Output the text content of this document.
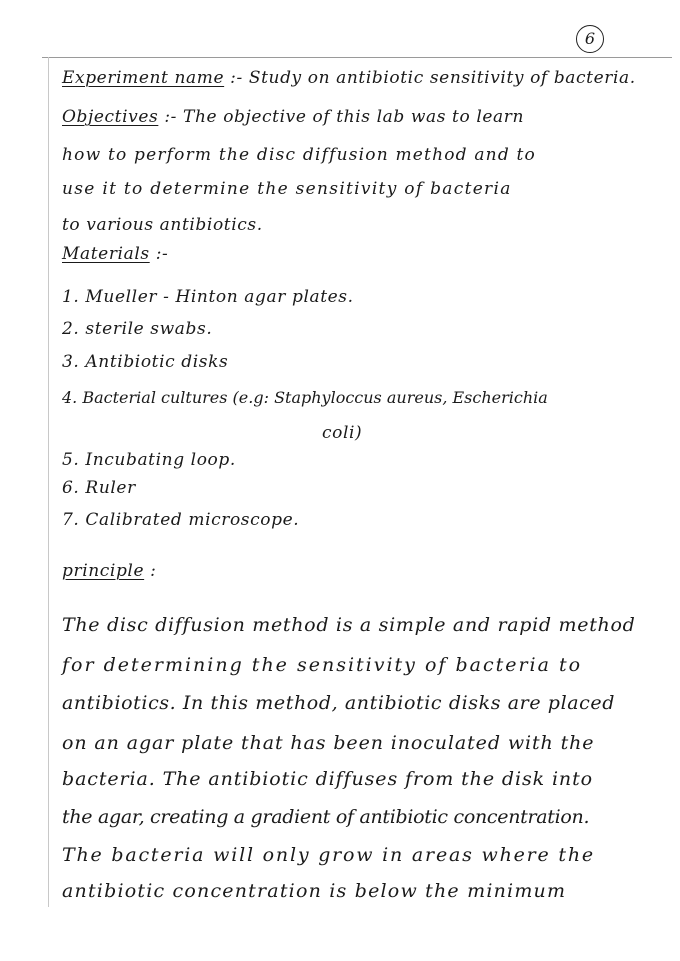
6
Experiment name :- Study on antibiotic sensitivity of bacteria.
Objectives :- The objective of this lab was to learn
how to perform the disc diffusion method and to
use it to determine the sensitivity of bacteria
to various antibiotics.
Materials :-
1. Mueller - Hinton agar plates.
2. sterile swabs.
3. Antibiotic disks
4. Bacterial cultures (e.g: Staphyloccus aureus, Escherichia
coli)
5. Incubating loop.
6. Ruler
7. Calibrated microscope.
principle :
The disc diffusion method is a simple and rapid method
for determining the sensitivity of bacteria to
antibiotics. In this method, antibiotic disks are placed
on an agar plate that has been inoculated with the
bacteria. The antibiotic diffuses from the disk into
the agar, creating a gradient of antibiotic concentration.
The bacteria will only grow in areas where the
antibiotic concentration is below the minimum
